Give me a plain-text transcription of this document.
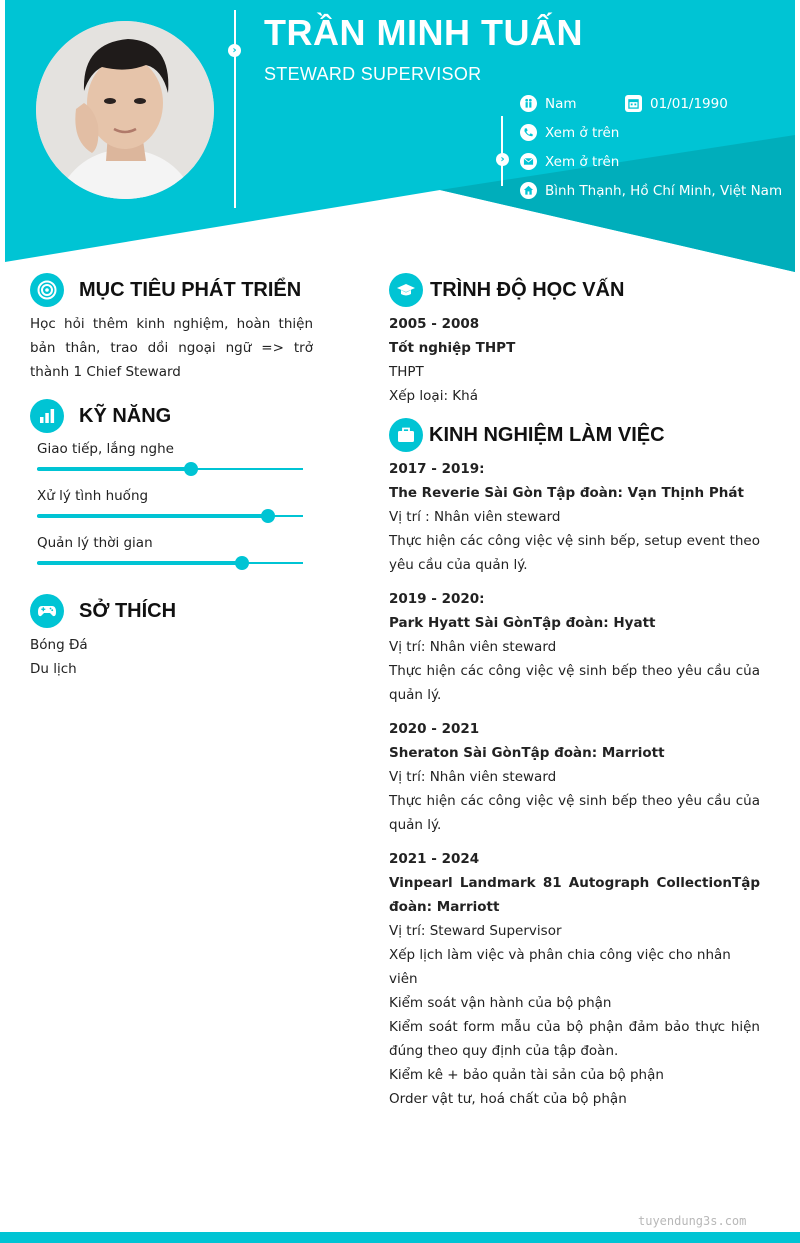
› TRẦN MINH TUẤN
STEWARD SUPERVISOR
›
Nam	01/01/1990
Xem ở trên
Xem ở trên
Bình Thạnh, Hồ Chí Minh, Việt Nam
MỤC TIÊU PHÁT TRIỂN
Học hỏi thêm kinh nghiệm, hoàn thiện bản thân, trao dồi ngoại ngữ => trở thành 1 Chief Steward
KỸ NĂNG
Giao tiếp, lắng nghe
Xử lý tình huống
Quản lý thời gian
SỞ THÍCH
Bóng Đá
Du lịch
TRÌNH ĐỘ HỌC VẤN

2005 - 2008

Tốt nghiệp THPT

THPT

Xếp loại: Khá

KINH NGHIỆM LÀM VIỆC

2017 - 2019:

The Reverie Sài Gòn Tập đoàn: Vạn Thịnh Phát

Vị trí : Nhân viên steward

Thực hiện các công việc vệ sinh bếp, setup event theo yêu cầu của quản lý.

2019 - 2020:

Park Hyatt Sài GònTập đoàn: Hyatt

Vị trí: Nhân viên steward

Thực hiện các công việc vệ sinh bếp theo yêu cầu của quản lý.

2020 - 2021

Sheraton Sài GònTập đoàn: Marriott

Vị trí: Nhân viên steward

Thực hiện các công việc vệ sinh bếp theo yêu cầu của quản lý.

2021 - 2024

Vinpearl Landmark 81 Autograph CollectionTập đoàn: Marriott

Vị trí: Steward Supervisor

Xếp lịch làm việc và phân chia công việc cho nhân viên

Kiểm soát vận hành của bộ phận

Kiểm soát form mẫu của bộ phận đảm bảo thực hiện đúng theo quy định của tập đoàn.

Kiểm kê + bảo quản tài sản của bộ phận

Order vật tư, hoá chất của bộ phận

tuyendung3s.com
